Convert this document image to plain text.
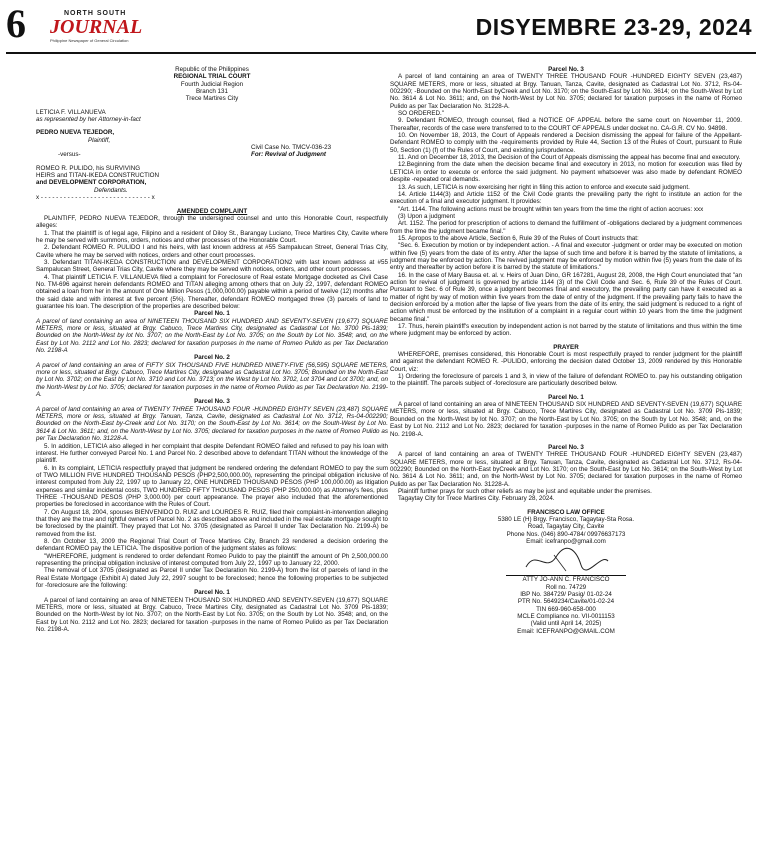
6	NORTH SOUTH
JOURNAL
Philippine Newspaper of General Circulation
DISYEMBRE 23-29, 2024

Republic of the Philippines

REGIONAL TRIAL COURT

Fourth Judicial Region

Branch 131

Trece Martires City

LETICIA F. VILLANUEVA

as represented by her Attorney-in-fact

PEDRO NUEVA TEJEDOR,

Plaintiff,

Civil Case No. TMCV-036-23
-versus-	For: Revival of Judgment

ROMEO R. PULIDO, his SURVIVING

HEIRS and TITAN-IKEDA CONSTRUCTION

and DEVELOPMENT CORPORATION,

Defendants.

x - - - - - - - - - - - - - - - - - - - - - - - - - - - - - x

AMENDED COMPLAINT

PLAINTIFF, PEDRO NUEVA TEJEDOR, through the undersigned counsel and unto this Honorable Court, respectfully alleges:

1. That the plaintiff is of legal age, Filipino and a resident of Diloy St., Barangay Luciano, Trece Martires City, Cavite where he may be served with summons, orders, notices and other processes of the Honorable Court.

2. Defendant ROMEO R. PULIDO I and his heirs, with last known address at #55 Sampalucan Street, General Trias City, Cavite where he may be served with notices, orders and other court processes.

3. Defendant TITAN-IKEDA CONSTRUCTION and DEVELOPMENT CORPORATION2 with last known address at #55 Sampalucan Street, General Trias City, Cavite where they may be served with notices, orders, and other court processes.

4. That plaintiff LETICIA F. VILLANUEVA filed a complaint for Foreclosure of Real estate Mortgage docketed as Civil Case No. TM-696 against herein defendants ROMEO and TITAN alleging among others that on July 22, 1997, defendant ROMEO obtained a loan from her in the amount of One Million Pesos (1,000,000.00) payable within a period of twelve (12) months after the said date and with interest at five percent (5%). Thereafter, defendant ROMEO mortgaged three (3) parcels of land to guarantee his loan. The description of the properties are described below:

Parcel No. 1

A parcel of land containing an area of NINETEEN THOUSAND SIX HUNDRED AND SEVENTY-SEVEN (19,677) SQUARE METERS, more or less, situated at Brgy. Cabuco, Trece Martires City, designated as Cadastral Lot No. 3700 Pls-1839; Bounded on the North-West by lot No. 3707; on the North-East by Lot No. 3705; on the South by Lot No. 3548; and, on the East by Lot No. 2112 and Lot No. 2823; declared for taxation purposes in the name of Romeo Pulido as per Tax Declaration No. 2198-A

Parcel No. 2

A parcel of land containing an area of FIFTY SIX THOUSAND FIVE HUNDRED NINETY-FIVE (56,595) SQUARE METERS, more or less, situated at Brgy. Cabuco, Trece Martires City, designated as Cadastral Lot No. 3705; Bounded on the North-East by Lot No. 3702; on the East by Lot No. 3710 and Lot No. 3713; on the West by Lot No. 3702, Lot 3704 and Lot 3700; and, on the North-West by Lot No. 3705; declared for taxation purposes in the name of Romeo Pulido as per Tax Declaration No. 2199-A.

Parcel No. 3

A parcel of land containing an area of TWENTY THREE THOUSAND FOUR -HUNDRED EIGHTY SEVEN (23,487) SQUARE METERS, more or less, situated at Brgy. Tanuan, Tanza, Cavite, designated as Cadastral Lot No. 3712, Rs-04-002290; Bounded on the North-East by-Creek and Lot No. 3170; on the South-East by Lot No. 3614; on the South-West by Lot No. 3614 & Lot No. 3611; and, on the North-West by Lot No. 3705; declared for taxation purposes in the name of Romeo Pulido as per Tax Declaration No. 31228-A.

5. In addition, LETICIA also alleged in her complaint that despite Defendant ROMEO failed and refused to pay his loan with interest. He further conveyed Parcel No. 1 and Parcel No. 2 described above to defendant TITAN without the knowledge of the plaintiff.

6. In its complaint, LETICIA respectfully prayed that judgment be rendered ordering the defendant ROMEO to pay the sum of TWO MILLION FIVE HUNDRED THOUSAND PESOS (PHP2,500,000.00), representing the principal obligation inclusive of interest computed from July 22, 1997 up to January 22, ONE HUNDRED THOUSAND PESOS (PHP 100,000.00) as litigation expenses and similar incidental costs, TWO HUNDRED FIFTY THOUSAND PESOS (PHP 250,000.00) as Attorney's fees, plus THREE -THOUSAND PESOS (PHP 3,000.00) per court appearance. The prayer also included that the aforementioned properties be foreclosed in accordance with the Rules of Court.

7. On August 18, 2004, spouses BIENVENIDO D. RUIZ and LOURDES R. RUIZ, filed their complaint-in-intervention alleging that they are the true and rightful owners of Parcel No. 2 as described above and included in the real estate mortgage sought to be foreclosed by the plaintiff. They prayed that Lot No. 3705 (designated as Parcel II under Tax Declaration No. 2199-A) be removed from the list.

8. On October 13, 2009 the Regional Trial Court of Trece Martires City, Branch 23 rendered a decision ordering the defendant ROMEO pay the LETICIA. The dispositive portion of the judgment states as follows:

"WHEREFORE, judgment is rendered to order defendant Romeo Pulido to pay the plaintiff the amount of Ph 2,500,000.00 representing the principal obligation inclusive of interest computed from July 22, 1997 up to January 22, 2000.

The removal of Lot 3705 (designated as Parcel II under Tax Declaration No. 2199-A) from the list of parcels of land in the Real Estate Mortgage (Exhibit A) dated July 22, 2997 sought to be foreclosed; hence the following properties to be subjected for -foreclosure are the following:

Parcel No. 1

A parcel of land containing an area of NINETEEN THOUSAND SIX HUNDRED AND SEVENTY-SEVEN (19,677) SQUARE METERS, more or less, situated at Brgy. Cabuco, Trece Martires City, designated as Cadastral Lot No. 3709 Pls-1839; Bounded on the North-West by lot No. 3707; on the North-East by Lot No. 3705; on the South by Lot No. 3548; and, on the East by Lot No. 2112 and Lot No. 2823; declared for taxation -purposes in the name of Romeo Pulido as per Tax Declaration No. 2198-A.

Parcel No. 3

A parcel of land containing an area of TWENTY THREE THOUSAND FOUR -HUNDRED EIGHTY SEVEN (23,487) SQUARE METERS, more or less, situated at Brgy. Tanuan, Tanza, Cavite, designated as Cadastral Lot No. 3712, Rs-04-002290; -Bounded on the North-East byCreek and Lot No. 3170; on the South-East by Lot No. 3614; on the South-West by Lot No. 3614 & Lot No. 3611; and, on the North-West by Lot No. 3705; declared for taxation purposes in the name of Romeo Pulido as per Tax Declaration No. 31228-A.

SO ORDERED."

9. Defendant ROMEO, through counsel, filed a NOTICE OF APPEAL before the same court on November 11, 2009. Thereafter, records of the case were transferred to to the COURT OF APPEALS under docket no. CA-G.R. CV No. 94898.

10. On November 18, 2013, the Court of Appeals rendered a Decision dismissing the appeal for failure of the Appellant-Defendant ROMEO to comply with the -requirements provided by Rule 44, Section 13 of the Rules of Court, pursuant to Rule 50, Section (1) (f) of the Rules of Court, and existing jurisprudence.

11. And on December 18, 2013, the Decision of the Court of Appeals dismissing the appeal has become final and executory.

12.Beginning from the date when the decision became final and executory in 2013, no motion for execution was filed by LETICIA in order to execute or enforce the said judgment. No payment whatsoever was also made by defendant ROMEO despite -repeated oral demands.

13. As such, LETICIA is now exercising her right in filing this action to enforce and execute said judgment.

14. Article 1144(3) and Article 1152 of the Civil Code grants the prevailing party the right to institute an action for the execution of a final and executor judgment. It provides:

"Art. 1144. The following actions must be brought within ten years from the time the right of action accrues: xxx

(3) Upon a judgment

Art. 1152. The period for prescription of actions to demand the fulfillment of -obligations declared by a judgment commences from the time the judgment became final."

15. Apropos to the above Article, Section 6, Rule 39 of the Rules of Court instructs that:

"Sec. 6. Execution by motion or by independent action. - A final and executor -judgment or order may be executed on motion within five (5) years from the date of its entry. After the lapse of such time and before it is barred by the statute of limitations, a judgment may be enforced by action. The revived judgment may be enforced by motion within five (5) years from the date of its entry and thereafter by action before it is barred by the statute of limitations."

16. In the case of Mary Bausa et. al. v. Heirs of Juan Dino, GR 167281, August 28, 2008, the High Court enunciated that "an action for revival of judgment is governed by article 1144 (3) of the Civil Code and Sec. 6, Rule 39 of the Rules of Court. Pursuant to Sec. 6 of Rule 39, once a judgment becomes final and executory, the prevailing party can have it executed as a matter of right by way of motion within five years from the date of entry of the judgment. If the prevailing party fails to have the decision enforced by a motion after the lapse of five years from the date of its entry, the said judgment is reduced to a right of action which must be enforced by the institution of a complaint in a regular court within 10 years from the time the judgment became final."

17. Thus, herein plaintiff's execution by independent action is not barred by the statute of limitations and thus within the time where judgment may be enforced by action.

PRAYER

WHEREFORE, premises considered, this Honorable Court is most respectfully prayed to render judgment for the plaintiff and against the defendant ROMEO R. -PULIDO, enforcing the decision dated October 13, 2009 rendered by this Honorable Court, viz:

1) Ordering the foreclosure of parcels 1 and 3, in view of the failure of defendant ROMEO to. pay his outstanding obligation to the plaintiff. The parcels subject of -foreclosure are particularly described below.

Parcel No. 1

A parcel of land containing an area of NINETEEN THOUSAND SIX HUNDRED AND SEVENTY-SEVEN (19,677) SQUARE METERS, more or less, situated at Brgy. Cabuco, Trece Martires City, designated as Cadastral Lot No. 3709 Pls-1839; Bounded on the North-West by lot No. 3707; on the North-East by Lot No. 3705; on the South by Lot No. 3548; and, on the East by Lot No. 2112 and Lot No. 2823; declared for taxation -purposes in the name of Romeo Pulido as per Tax Declaration No. 2198-A.

Parcel No. 3

A parcel of land containing an area of TWENTY THREE THOUSAND FOUR -HUNDRED EIGHTY SEVEN (23,487) SQUARE METERS, more or less, situated at Brgy. Tanuan, Tanza, Cavite, designated as Cadastral Lot No. 3712, Rs-04-002290; Bounded on the North-East byCreek and Lot No. 3170; on the South-East by Lot No. 3614; on the South-West by Lot No. 3614 & Lot No. 3611; and, on the North-West by Lot No. 3705; declared for taxation purposes in the name of Romeo Pulido as per Tax Declaration No. 31228-A.

Plaintiff further prays for such other reliefs as may be just and equitable under the premises.

Tagaytay City for Trece Martires City. February 28, 2024.

FRANCISCO LAW OFFICE

5380 LE (H) Brgy. Francisco, Tagaytay-Sta Rosa.

Road, Tagaytay City, Cavite

Phone Nos. (046) 890-4784/ 09976637173

Email: icefranpo@gmail.com

ATTY JO-ANN C. FRANCISCO

Roll no. 74729

IBP No. 384729/ Pasig/ 01-02-24

PTR No. 5649234/Cavite/01-02-24

TIN 669-960-658-000

MCLE Compliance no. VII-0011153

(Valid until April 14, 2025)

Email: ICEFRANPO@GMAIL.COM
